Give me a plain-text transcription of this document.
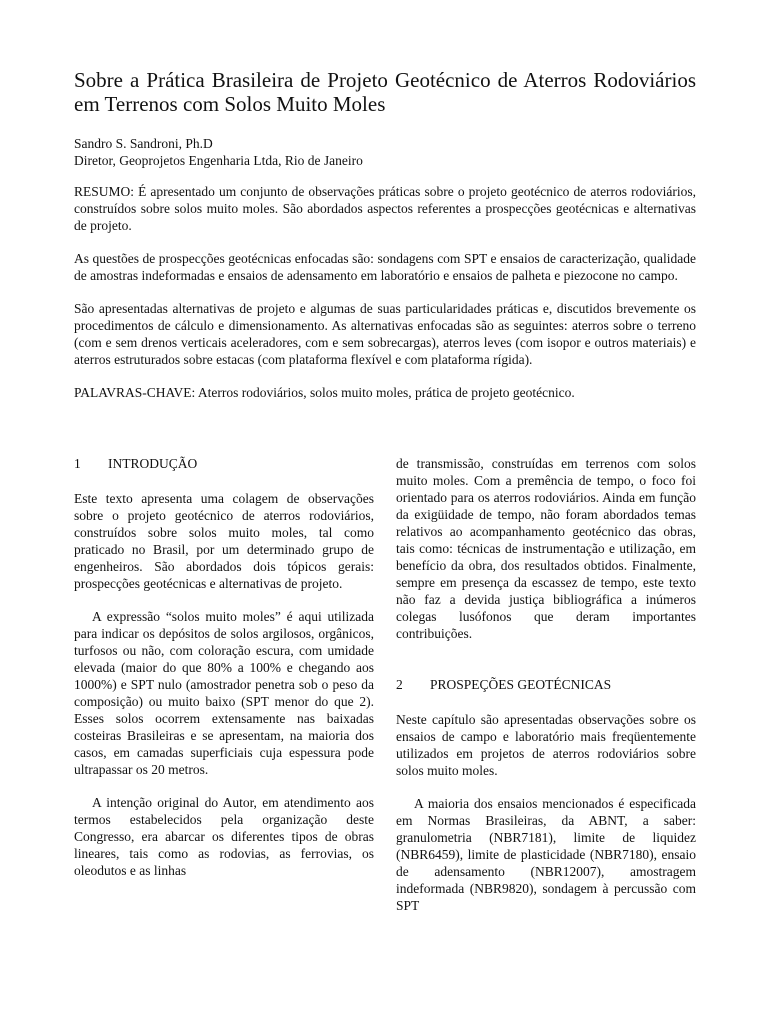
Sobre a Prática Brasileira de Projeto Geotécnico de Aterros Rodoviários em Terrenos com Solos Muito Moles
Sandro S. Sandroni, Ph.D
Diretor, Geoprojetos Engenharia Ltda, Rio de Janeiro

RESUMO: É apresentado um conjunto de observações práticas sobre o projeto geotécnico de aterros rodoviários, construídos sobre solos muito moles. São abordados aspectos referentes a prospecções geotécnicas e alternativas de projeto.

As questões de prospecções geotécnicas enfocadas são: sondagens com SPT e ensaios de caracterização, qualidade de amostras indeformadas e ensaios de adensamento em laboratório e ensaios de palheta e piezocone no campo.

São apresentadas alternativas de projeto e algumas de suas particularidades práticas e, discutidos brevemente os procedimentos de cálculo e dimensionamento. As alternativas enfocadas são as seguintes: aterros sobre o terreno (com e sem drenos verticais aceleradores, com e sem sobrecargas), aterros leves (com isopor e outros materiais) e aterros estruturados sobre estacas (com plataforma flexível e com plataforma rígida).

PALAVRAS-CHAVE: Aterros rodoviários, solos muito moles, prática de projeto geotécnico.

1	INTRODUÇÃO

Este texto apresenta uma colagem de observações sobre o projeto geotécnico de aterros rodoviários, construídos sobre solos muito moles, tal como praticado no Brasil, por um determinado grupo de engenheiros. São abordados dois tópicos gerais: prospecções geotécnicas e alternativas de projeto.

A expressão “solos muito moles” é aqui utilizada para indicar os depósitos de solos argilosos, orgânicos, turfosos ou não, com coloração escura, com umidade elevada (maior do que 80% a 100% e chegando aos 1000%) e SPT nulo (amostrador penetra sob o peso da composição) ou muito baixo (SPT menor do que 2). Esses solos ocorrem extensamente nas baixadas costeiras Brasileiras e se apresentam, na maioria dos casos, em camadas superficiais cuja espessura pode ultrapassar os 20 metros.

A intenção original do Autor, em atendimento aos termos estabelecidos pela organização deste Congresso, era abarcar os diferentes tipos de obras lineares, tais como as rodovias, as ferrovias, os oleodutos e as linhas

de transmissão, construídas em terrenos com solos muito moles. Com a premência de tempo, o foco foi orientado para os aterros rodoviários. Ainda em função da exigüidade de tempo, não foram abordados temas relativos ao acompanhamento geotécnico das obras, tais como: técnicas de instrumentação e utilização, em benefício da obra, dos resultados obtidos. Finalmente, sempre em presença da escassez de tempo, este texto não faz a devida justiça bibliográfica a inúmeros colegas lusófonos que deram importantes contribuições.

2	PROSPEÇÕES GEOTÉCNICAS

Neste capítulo são apresentadas observações sobre os ensaios de campo e laboratório mais freqüentemente utilizados em projetos de aterros rodoviários sobre solos muito moles.

A maioria dos ensaios mencionados é especificada em Normas Brasileiras, da ABNT, a saber: granulometria (NBR7181), limite de liquidez (NBR6459), limite de plasticidade (NBR7180), ensaio de adensamento (NBR12007), amostragem indeformada (NBR9820), sondagem à percussão com SPT
